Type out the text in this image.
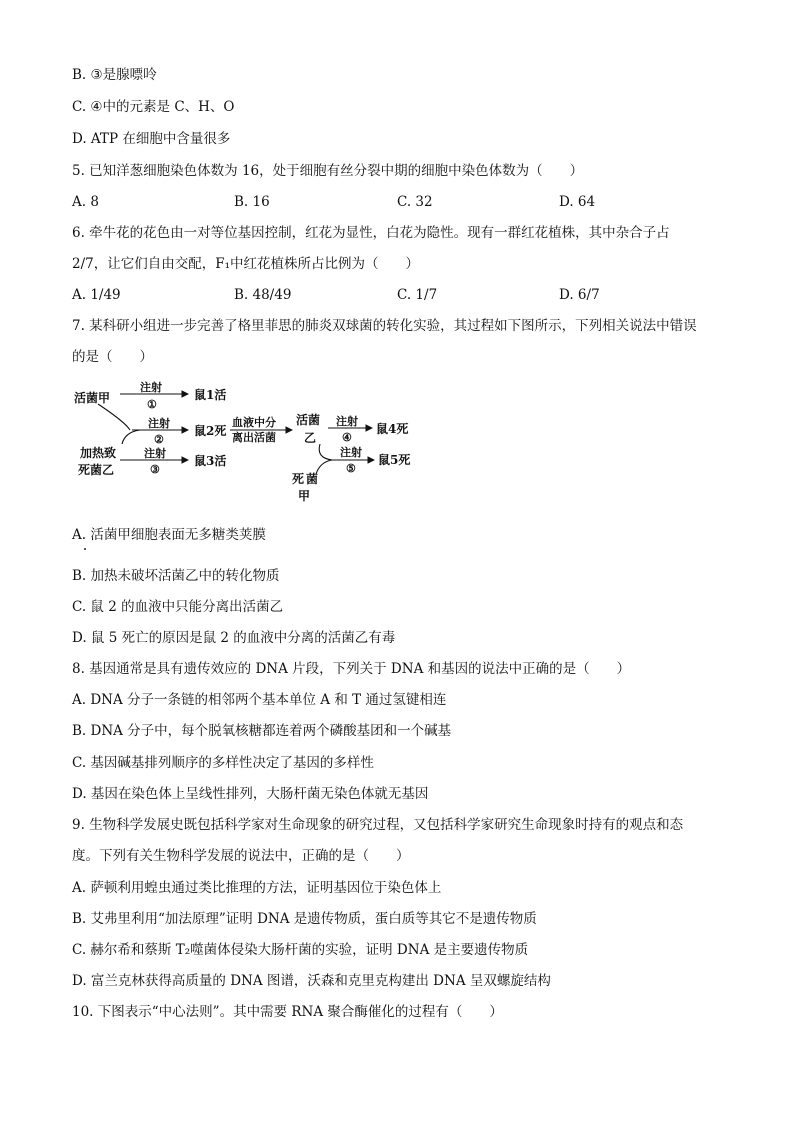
B. ③是腺嘌呤
C. ④中的元素是 C、H、O
D. ATP 在细胞中含量很多
5. 已知洋葱细胞染色体数为 16，处于细胞有丝分裂中期的细胞中染色体数为（　　）
A. 8	B. 16	C. 32	D. 64
6. 牵牛花的花色由一对等位基因控制，红花为显性，白花为隐性。现有一群红花植株，其中杂合子占
2/7，让它们自由交配，F₁中红花植株所占比例为（　　）
A. 1/49	B. 48/49	C. 1/7	D. 6/7
7. 某科研小组进一步完善了格里菲思的肺炎双球菌的转化实验，其过程如下图所示，下列相关说法中错误
的是（　　）
活菌甲
加热致
死菌乙
注射
①
鼠1活
注射
②
鼠2死
注射
③
鼠3活
血液中分
离出活菌
活菌
乙
注射
④
鼠4死
注射
⑤
鼠5死
死 菌
甲
A. 活菌甲细胞表面无多糖类荚膜
B. 加热未破坏活菌乙中的转化物质
C. 鼠 2 的血液中只能分离出活菌乙
D. 鼠 5 死亡的原因是鼠 2 的血液中分离的活菌乙有毒
8. 基因通常是具有遗传效应的 DNA 片段，下列关于 DNA 和基因的说法中正确的是（　　）
A. DNA 分子一条链的相邻两个基本单位 A 和 T 通过氢键相连
B. DNA 分子中，每个脱氧核糖都连着两个磷酸基团和一个碱基
C. 基因碱基排列顺序的多样性决定了基因的多样性
D. 基因在染色体上呈线性排列，大肠杆菌无染色体就无基因
9. 生物科学发展史既包括科学家对生命现象的研究过程，又包括科学家研究生命现象时持有的观点和态
度。下列有关生物科学发展的说法中，正确的是（　　）
A. 萨顿利用蝗虫通过类比推理的方法，证明基因位于染色体上
B. 艾弗里利用“加法原理”证明 DNA 是遗传物质，蛋白质等其它不是遗传物质
C. 赫尔希和蔡斯 T₂噬菌体侵染大肠杆菌的实验，证明 DNA 是主要遗传物质
D. 富兰克林获得高质量的 DNA 图谱，沃森和克里克构建出 DNA 呈双螺旋结构
10. 下图表示“中心法则”。其中需要 RNA 聚合酶催化的过程有（　　）
